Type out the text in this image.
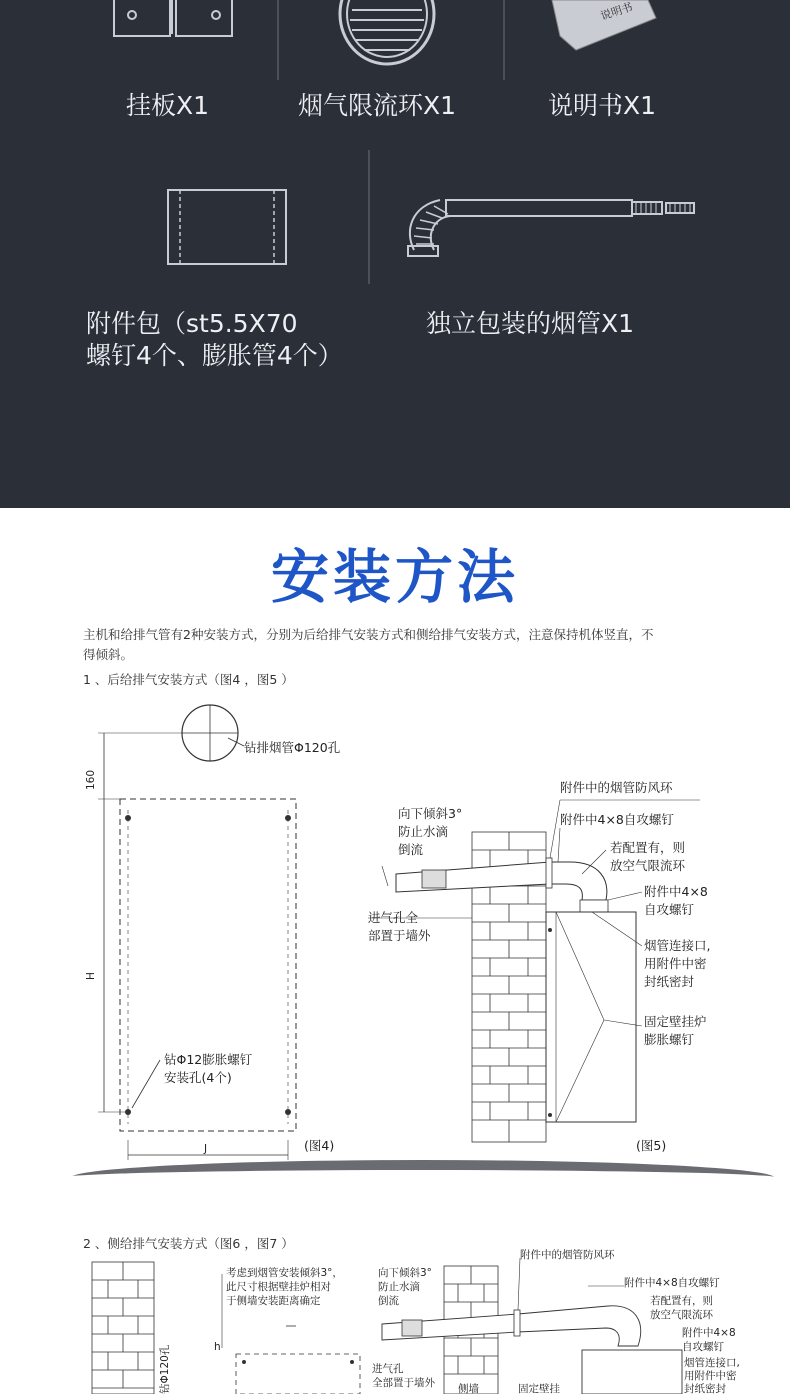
说明书
挂板X1	烟气限流环X1	说明书X1
附件包（st5.5X70
螺钉4个、膨胀管4个）
独立包装的烟管X1
安装方法
主机和给排气管有2种安装方式，分别为后给排气安装方式和侧给排气安装方式，注意保持机体竖直，不
得倾斜。
1 、后给排气安装方式（图4 ，图5 ）
钻排烟管Φ120孔
160
H
钻Φ12膨胀螺钉
安装孔(4个)
J	(图4)
向下倾斜3°
防止水滴
倒流
进气孔全
部置于墙外
附件中的烟管防风环
附件中4×8自攻螺钉
若配置有，则
放空气限流环
附件中4×8
自攻螺钉
烟管连接口,
用附件中密
封纸密封
固定壁挂炉
膨胀螺钉
(图5)
2 、侧给排气安装方式（图6 ，图7 ）
钻Φ120孔	h
考虑到烟管安装倾斜3°，
此尺寸根据壁挂炉相对
于侧墙安装距离确定
向下倾斜3°
防止水滴
倒流
附件中的烟管防风环
附件中4×8自攻螺钉
若配置有，则
放空气限流环
附件中4×8
自攻螺钉
进气孔
全部置于墙外 侧墙	固定壁挂
烟管连接口,
用附件中密
封纸密封
